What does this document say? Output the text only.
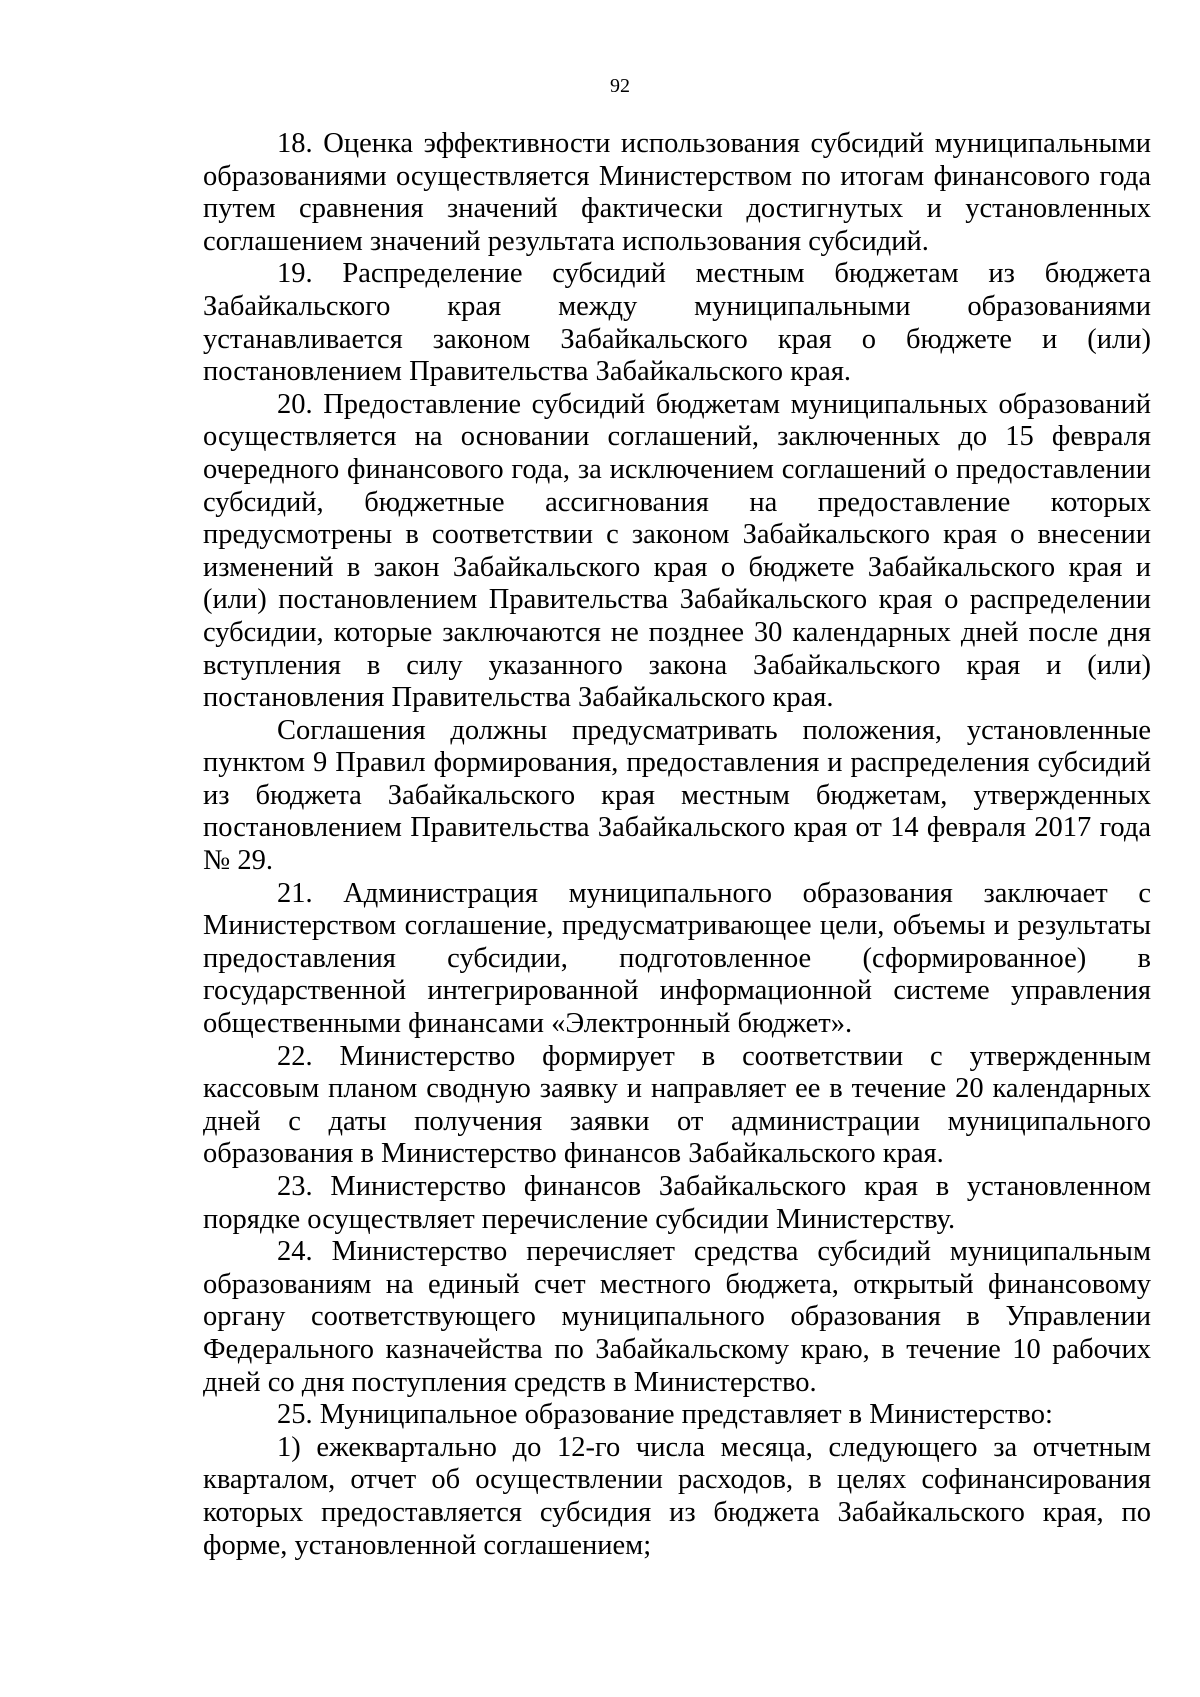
92

18. Оценка эффективности использования субсидий муниципальными образованиями осуществляется Министерством по итогам финансового года путем сравнения значений фактически достигнутых и установленных соглашением значений результата использования субсидий.

19. Распределение субсидий местным бюджетам из бюджета Забайкальского края между муниципальными образованиями устанавливается законом Забайкальского края о бюджете и (или) постановлением Правительства Забайкальского края.

20. Предоставление субсидий бюджетам муниципальных образований осуществляется на основании соглашений, заключенных до 15 февраля очередного финансового года, за исключением соглашений о предоставлении субсидий, бюджетные ассигнования на предоставление которых предусмотрены в соответствии с законом Забайкальского края о внесении изменений в закон Забайкальского края о бюджете Забайкальского края и (или) постановлением Правительства Забайкальского края о распределении субсидии, которые заключаются не позднее 30 календарных дней после дня вступления в силу указанного закона Забайкальского края и (или) постановления Правительства Забайкальского края.

Соглашения должны предусматривать положения, установленные пунктом 9 Правил формирования, предоставления и распределения субсидий из бюджета Забайкальского края местным бюджетам, утвержденных постановлением Правительства Забайкальского края от 14 февраля 2017 года № 29.

21. Администрация муниципального образования заключает с Министерством соглашение, предусматривающее цели, объемы и результаты предоставления субсидии, подготовленное (сформированное) в государственной интегрированной информационной системе управления общественными финансами «Электронный бюджет».

22. Министерство формирует в соответствии с утвержденным кассовым планом сводную заявку и направляет ее в течение 20 календарных дней с даты получения заявки от администрации муниципального образования в Министерство финансов Забайкальского края.

23. Министерство финансов Забайкальского края в установленном порядке осуществляет перечисление субсидии Министерству.

24. Министерство перечисляет средства субсидий муниципальным образованиям на единый счет местного бюджета, открытый финансовому органу соответствующего муниципального образования в Управлении Федерального казначейства по Забайкальскому краю, в течение 10 рабочих дней со дня поступления средств в Министерство.

25. Муниципальное образование представляет в Министерство:

1) ежеквартально до 12-го числа месяца, следующего за отчетным кварталом, отчет об осуществлении расходов, в целях софинансирования которых предоставляется субсидия из бюджета Забайкальского края, по форме, установленной соглашением;
